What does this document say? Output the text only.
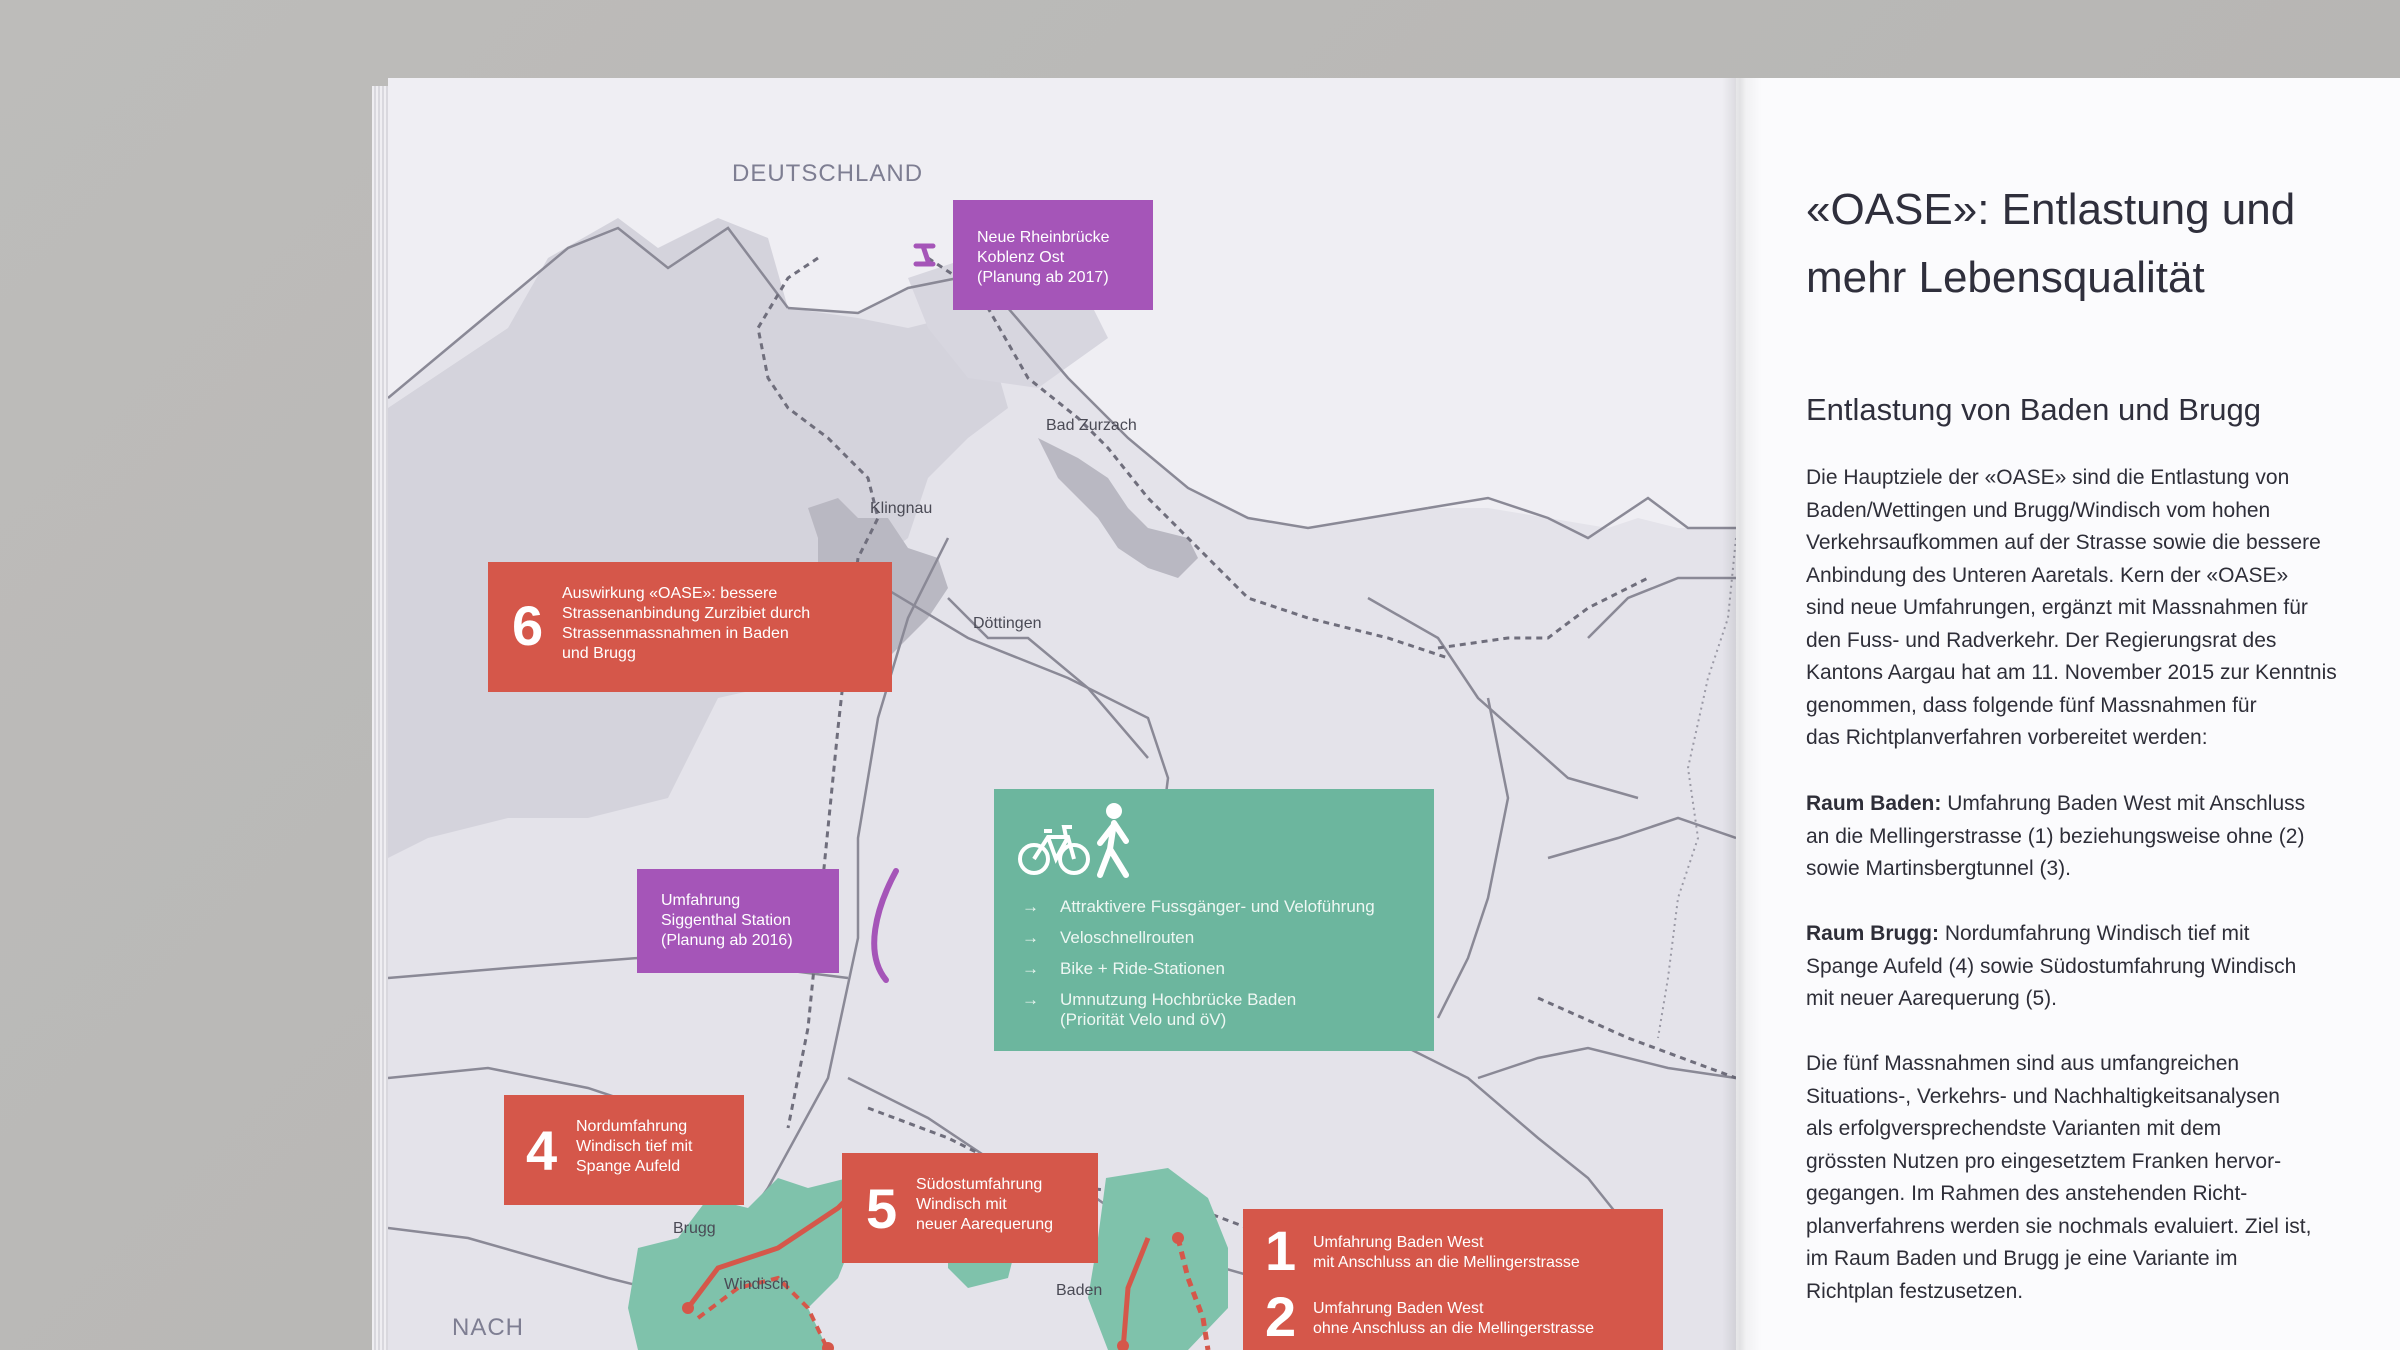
DEUTSCHLAND
NACH
Bad Zurzach
Klingnau
Döttingen
Brugg
Windisch	Baden
Neue Rheinbrücke
Koblenz Ost
(Planung ab 2017)
Umfahrung
Siggenthal Station
(Planung ab 2016)
6
Auswirkung «OASE»: bessere
Strassenanbindung Zurzibiet durch
Strassenmassnahmen in Baden
und Brugg
4 Nordumfahrung
Windisch tief mit
Spange Aufeld
5 Südostumfahrung
Windisch mit
neuer Aarequerung	1 Umfahrung Baden West
mit Anschluss an die Mellingerstrasse
2 Umfahrung Baden West
ohne Anschluss an die Mellingerstrasse
→ Attraktivere Fussgänger- und Veloführung
→ Veloschnellrouten
→ Bike + Ride-Stationen
→ Umnutzung Hochbrücke Baden
(Priorität Velo und öV)
«OASE»: Entlastung und
mehr Lebensqualität
Entlastung von Baden und Brugg
Die Hauptziele der «OASE» sind die Entlastung von
Baden/Wettingen und Brugg/Windisch vom hohen
Verkehrsaufkommen auf der Strasse sowie die bessere
Anbindung des Unteren Aaretals. Kern der «OASE»
sind neue Umfahrungen, ergänzt mit Massnahmen für
den Fuss- und Radverkehr. Der Regierungsrat des
Kantons Aargau hat am 11. November 2015 zur Kenntnis
genommen, dass folgende fünf Massnahmen für
das Richtplanverfahren vorbereitet werden:
Raum Baden: Umfahrung Baden West mit Anschluss
an die Mellingerstrasse (1) beziehungsweise ohne (2)
sowie Martinsbergtunnel (3).
Raum Brugg: Nordumfahrung Windisch tief mit
Spange Aufeld (4) sowie Südostumfahrung Windisch
mit neuer Aarequerung (5).
Die fünf Massnahmen sind aus umfangreichen
Situations-, Verkehrs- und Nachhaltigkeitsanalysen
als erfolgversprechendste Varianten mit dem
grössten Nutzen pro eingesetztem Franken hervor-
gegangen. Im Rahmen des anstehenden Richt-
planverfahrens werden sie nochmals evaluiert. Ziel ist,
im Raum Baden und Brugg je eine Variante im
Richtplan festzusetzen.
